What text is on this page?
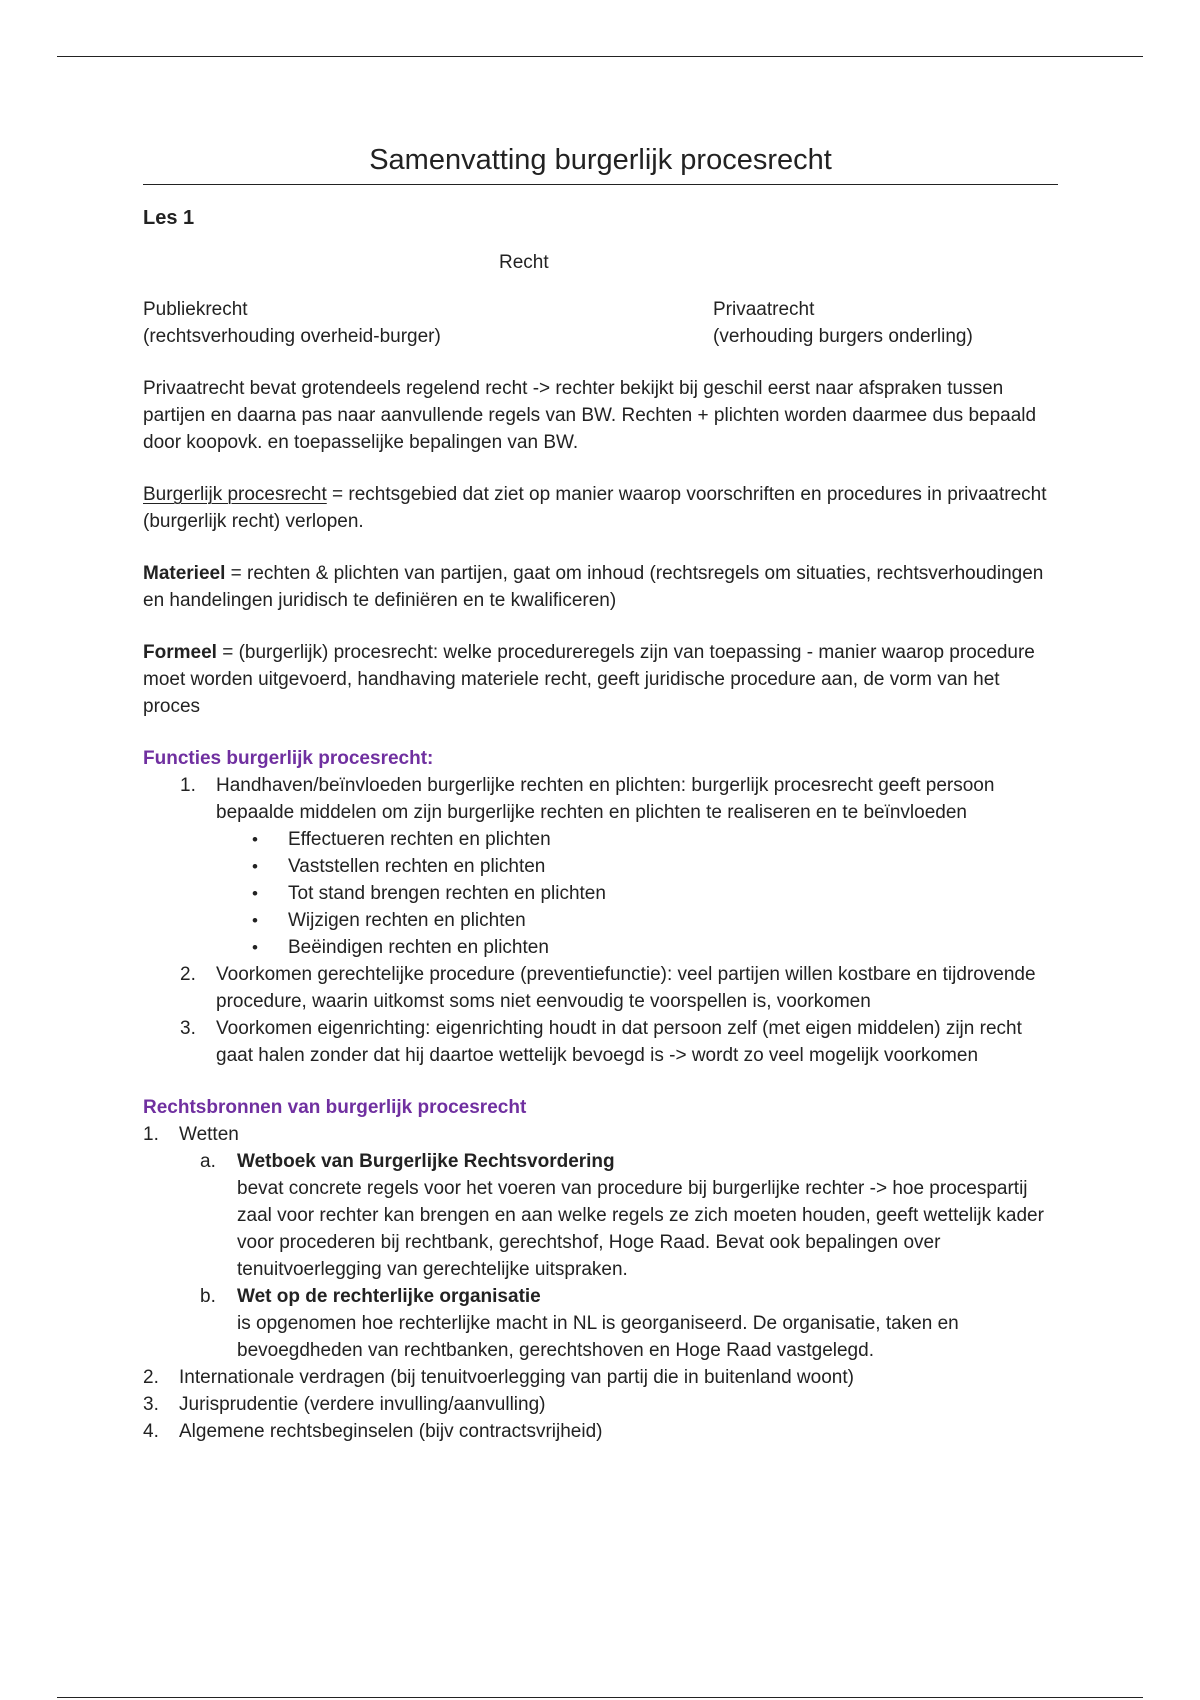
Samenvatting burgerlijk procesrecht
Les 1
Recht
Publiekrecht
(rechtsverhouding overheid-burger)
Privaatrecht
(verhouding burgers onderling)
Privaatrecht bevat grotendeels regelend recht -> rechter bekijkt bij geschil eerst naar afspraken tussen partijen en daarna pas naar aanvullende regels van BW. Rechten + plichten worden daarmee dus bepaald door koopovk. en toepasselijke bepalingen van BW.
Burgerlijk procesrecht = rechtsgebied dat ziet op manier waarop voorschriften en procedures in privaatrecht (burgerlijk recht) verlopen.
Materieel = rechten & plichten van partijen, gaat om inhoud (rechtsregels om situaties, rechtsverhoudingen en handelingen juridisch te definiëren en te kwalificeren)
Formeel = (burgerlijk) procesrecht: welke procedureregels zijn van toepassing - manier waarop procedure moet worden uitgevoerd, handhaving materiele recht, geeft juridische procedure aan, de vorm van het proces
Functies burgerlijk procesrecht:
1. Handhaven/beïnvloeden burgerlijke rechten en plichten: burgerlijk procesrecht geeft persoon bepaalde middelen om zijn burgerlijke rechten en plichten te realiseren en te beïnvloeden
• Effectueren rechten en plichten
• Vaststellen rechten en plichten
• Tot stand brengen rechten en plichten
• Wijzigen rechten en plichten
• Beëindigen rechten en plichten
2. Voorkomen gerechtelijke procedure (preventiefunctie): veel partijen willen kostbare en tijdrovende procedure, waarin uitkomst soms niet eenvoudig te voorspellen is, voorkomen
3. Voorkomen eigenrichting: eigenrichting houdt in dat persoon zelf (met eigen middelen) zijn recht gaat halen zonder dat hij daartoe wettelijk bevoegd is -> wordt zo veel mogelijk voorkomen
Rechtsbronnen van burgerlijk procesrecht
1. Wetten
a. Wetboek van Burgerlijke Rechtsvordering
bevat concrete regels voor het voeren van procedure bij burgerlijke rechter -> hoe procespartij zaal voor rechter kan brengen en aan welke regels ze zich moeten houden, geeft wettelijk kader voor procederen bij rechtbank, gerechtshof, Hoge Raad. Bevat ook bepalingen over tenuitvoerlegging van gerechtelijke uitspraken.
b. Wet op de rechterlijke organisatie
is opgenomen hoe rechterlijke macht in NL is georganiseerd. De organisatie, taken en bevoegdheden van rechtbanken, gerechtshoven en Hoge Raad vastgelegd.
2. Internationale verdragen (bij tenuitvoerlegging van partij die in buitenland woont)
3. Jurisprudentie (verdere invulling/aanvulling)
4. Algemene rechtsbeginselen (bijv contractsvrijheid)
